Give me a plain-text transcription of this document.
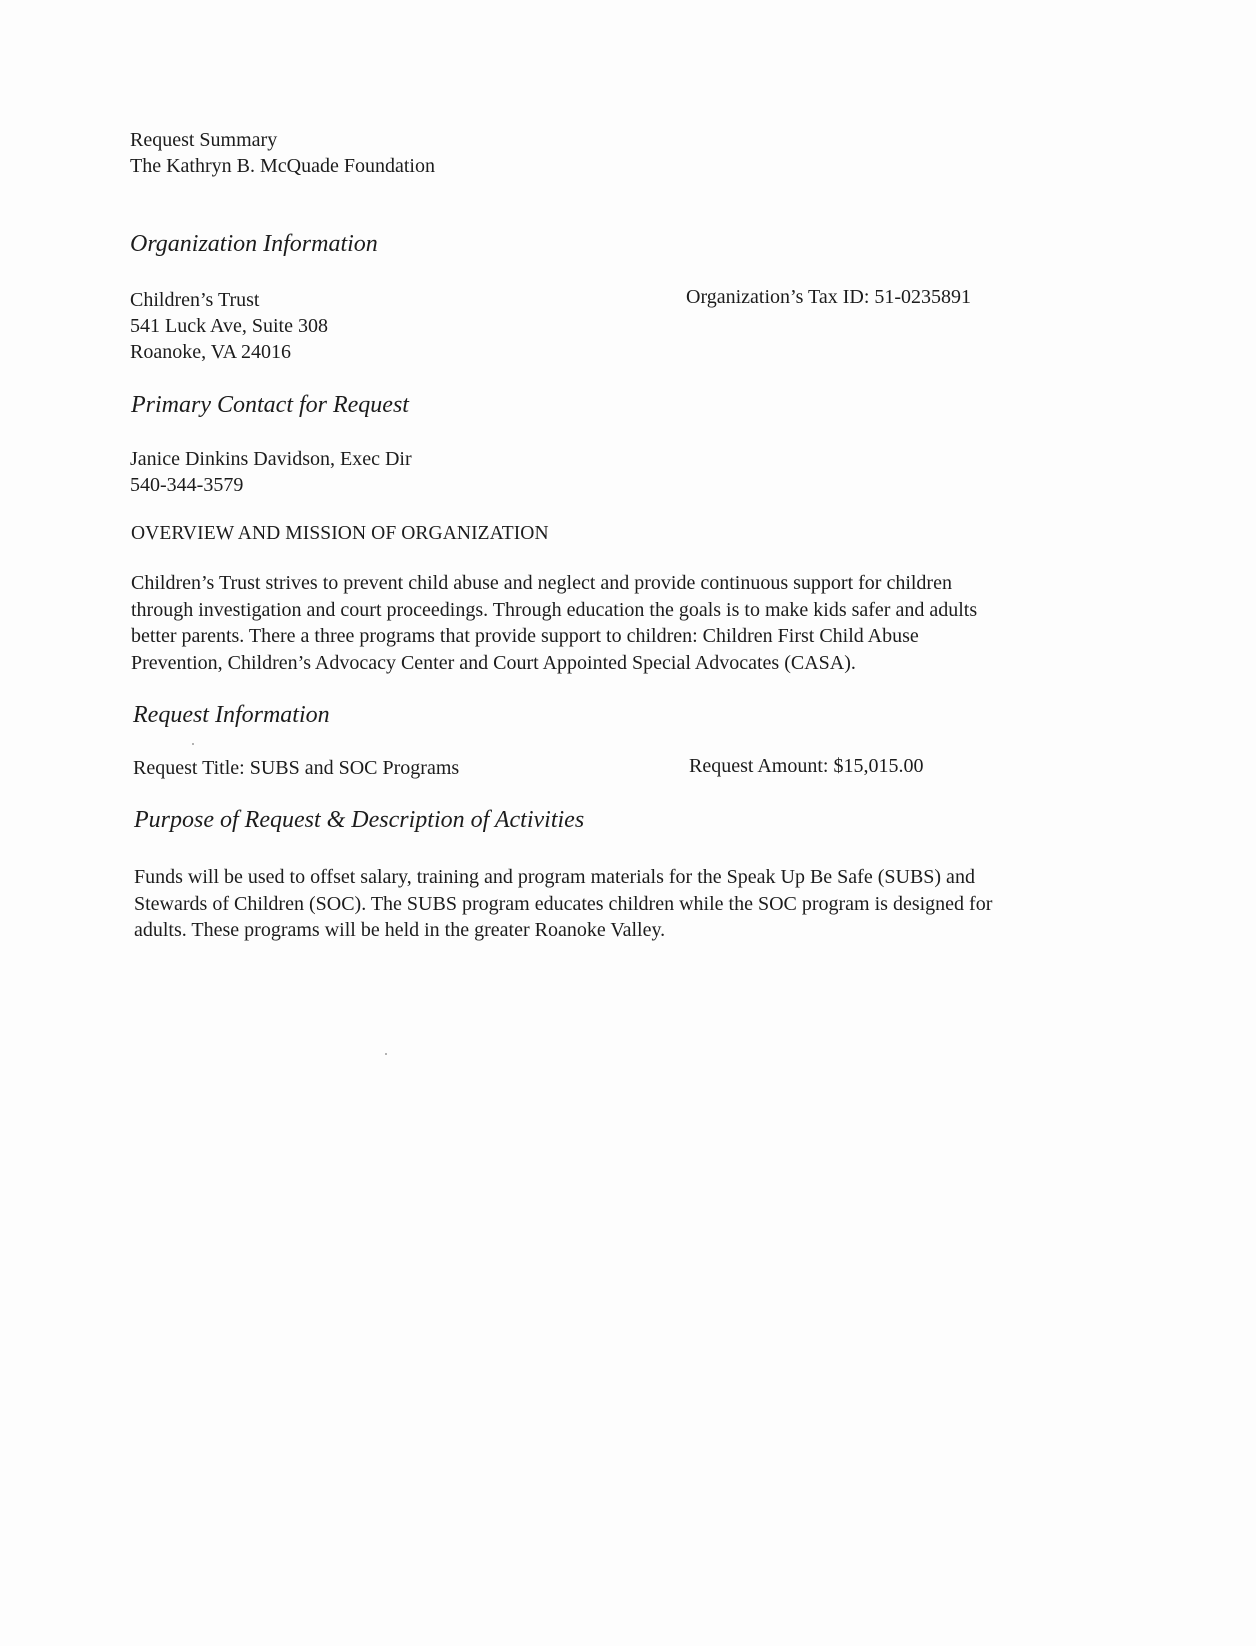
Request Summary
The Kathryn B. McQuade Foundation
Organization Information
Children’s Trust
541 Luck Ave, Suite 308
Roanoke, VA 24016
Organization’s Tax ID: 51-0235891
Primary Contact for Request
Janice Dinkins Davidson, Exec Dir
540-344-3579
OVERVIEW AND MISSION OF ORGANIZATION
Children’s Trust strives to prevent child abuse and neglect and provide continuous support for children
through investigation and court proceedings. Through education the goals is to make kids safer and adults
better parents. There a three programs that provide support to children: Children First Child Abuse
Prevention, Children’s Advocacy Center and Court Appointed Special Advocates (CASA).
Request Information
Request Title: SUBS and SOC Programs	Request Amount: $15,015.00
Purpose of Request & Description of Activities
Funds will be used to offset salary, training and program materials for the Speak Up Be Safe (SUBS) and
Stewards of Children (SOC). The SUBS program educates children while the SOC program is designed for
adults. These programs will be held in the greater Roanoke Valley.
